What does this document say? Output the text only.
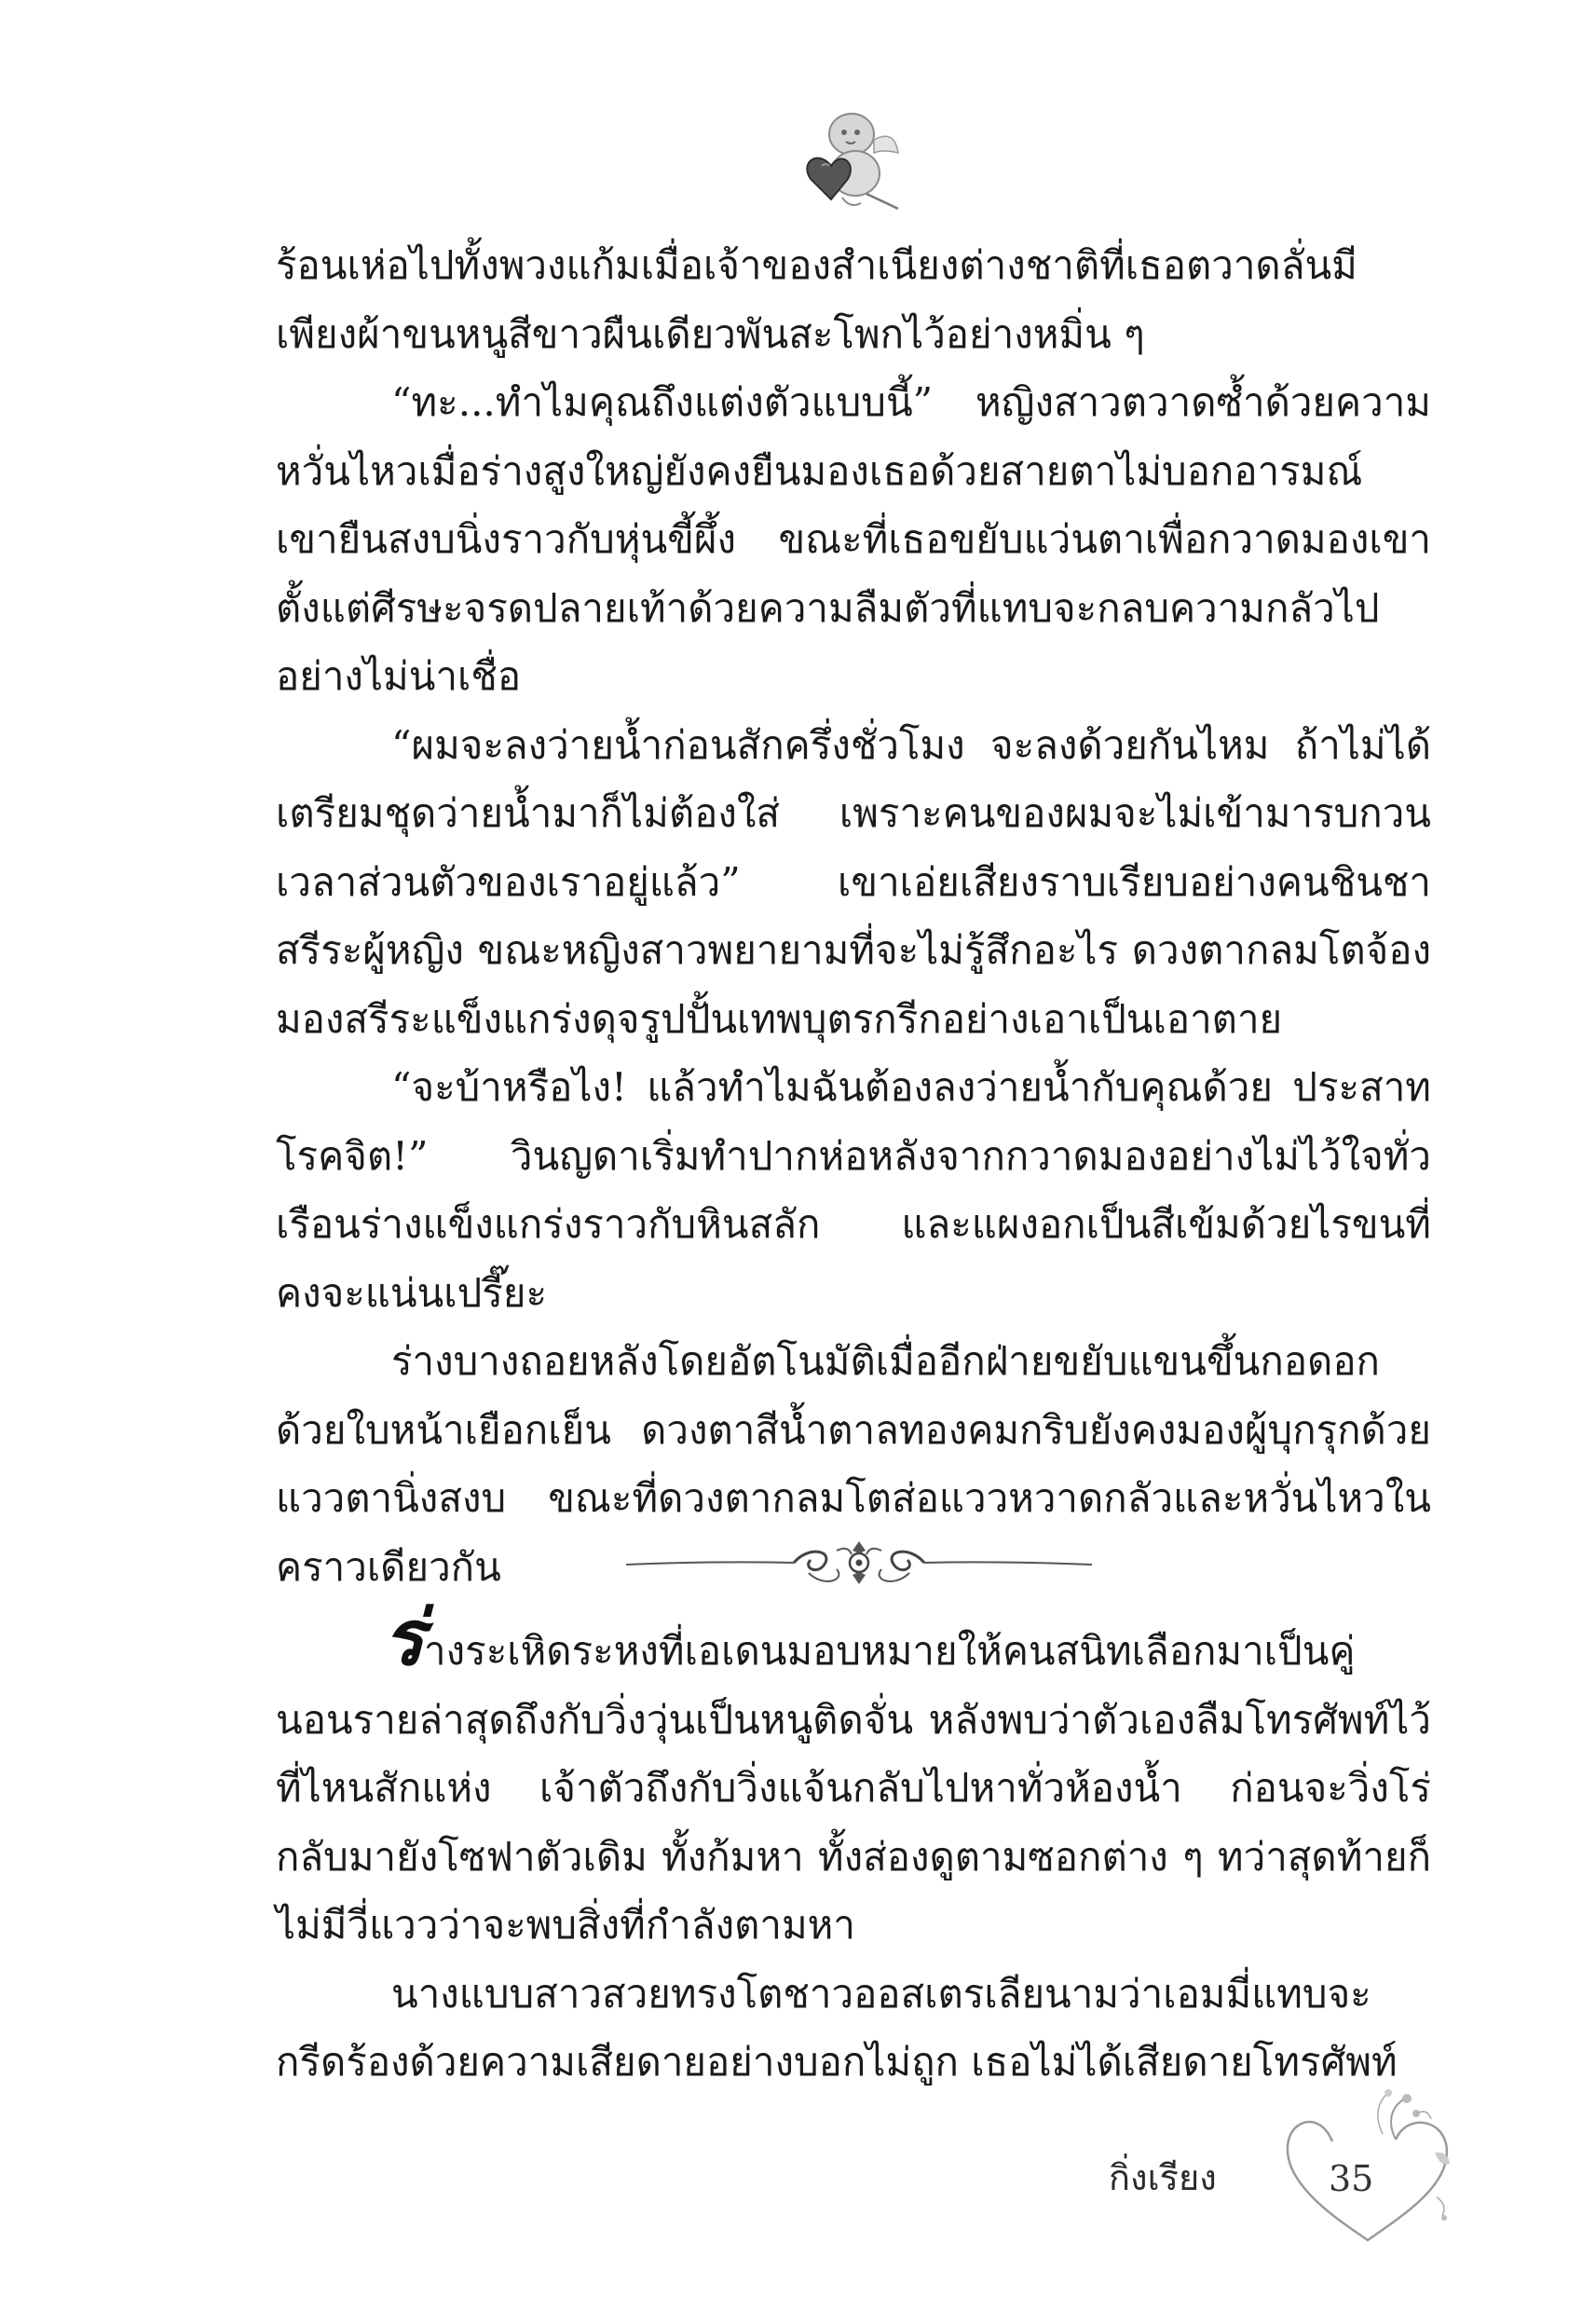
ร้อนเห่อไปทั้งพวงแก้มเมื่อเจ้าของสำเนียงต่างชาติที่เธอตวาดลั่นมีเพียงผ้าขนหนูสีขาวผืนเดียวพันสะโพกไว้อย่างหมิ่น ๆ

“ทะ...ทำไมคุณถึงแต่งตัวแบบนี้” หญิงสาวตวาดซ้ำด้วยความหวั่นไหวเมื่อร่างสูงใหญ่ยังคงยืนมองเธอด้วยสายตาไม่บอกอารมณ์ เขายืนสงบนิ่งราวกับหุ่นขี้ผึ้ง ขณะที่เธอขยับแว่นตาเพื่อกวาดมองเขาตั้งแต่ศีรษะจรดปลายเท้าด้วยความลืมตัวที่แทบจะกลบความกลัวไปอย่างไม่น่าเชื่อ

“ผมจะลงว่ายน้ำก่อนสักครึ่งชั่วโมง จะลงด้วยกันไหม ถ้าไม่ได้เตรียมชุดว่ายน้ำมาก็ไม่ต้องใส่ เพราะคนของผมจะไม่เข้ามารบกวนเวลาส่วนตัวของเราอยู่แล้ว” เขาเอ่ยเสียงราบเรียบอย่างคนชินชาสรีระผู้หญิง ขณะหญิงสาวพยายามที่จะไม่รู้สึกอะไร ดวงตากลมโตจ้องมองสรีระแข็งแกร่งดุจรูปปั้นเทพบุตรกรีกอย่างเอาเป็นเอาตาย

“จะบ้าหรือไง! แล้วทำไมฉันต้องลงว่ายน้ำกับคุณด้วย ประสาทโรคจิต!” วินญดาเริ่มทำปากห่อหลังจากกวาดมองอย่างไม่ไว้ใจทั่วเรือนร่างแข็งแกร่งราวกับหินสลัก และแผงอกเป็นสีเข้มด้วยไรขนที่คงจะแน่นเปรี๊ยะ

ร่างบางถอยหลังโดยอัตโนมัติเมื่ออีกฝ่ายขยับแขนขึ้นกอดอกด้วยใบหน้าเยือกเย็น ดวงตาสีน้ำตาลทองคมกริบยังคงมองผู้บุกรุกด้วยแววตานิ่งสงบ ขณะที่ดวงตากลมโตส่อแววหวาดกลัวและหวั่นไหวในคราวเดียวกัน

ร่างระเหิดระหงที่เอเดนมอบหมายให้คนสนิทเลือกมาเป็นคู่นอนรายล่าสุดถึงกับวิ่งวุ่นเป็นหนูติดจั่น หลังพบว่าตัวเองลืมโทรศัพท์ไว้ที่ไหนสักแห่ง เจ้าตัวถึงกับวิ่งแจ้นกลับไปหาทั่วห้องน้ำ ก่อนจะวิ่งโร่กลับมายังโซฟาตัวเดิม ทั้งก้มหา ทั้งส่องดูตามซอกต่าง ๆ ทว่าสุดท้ายก็ไม่มีวี่แววว่าจะพบสิ่งที่กำลังตามหา

นางแบบสาวสวยทรงโตชาวออสเตรเลียนามว่าเอมมี่แทบจะกรีดร้องด้วยความเสียดายอย่างบอกไม่ถูก เธอไม่ได้เสียดายโทรศัพท์

กิ่งเรียง	35
